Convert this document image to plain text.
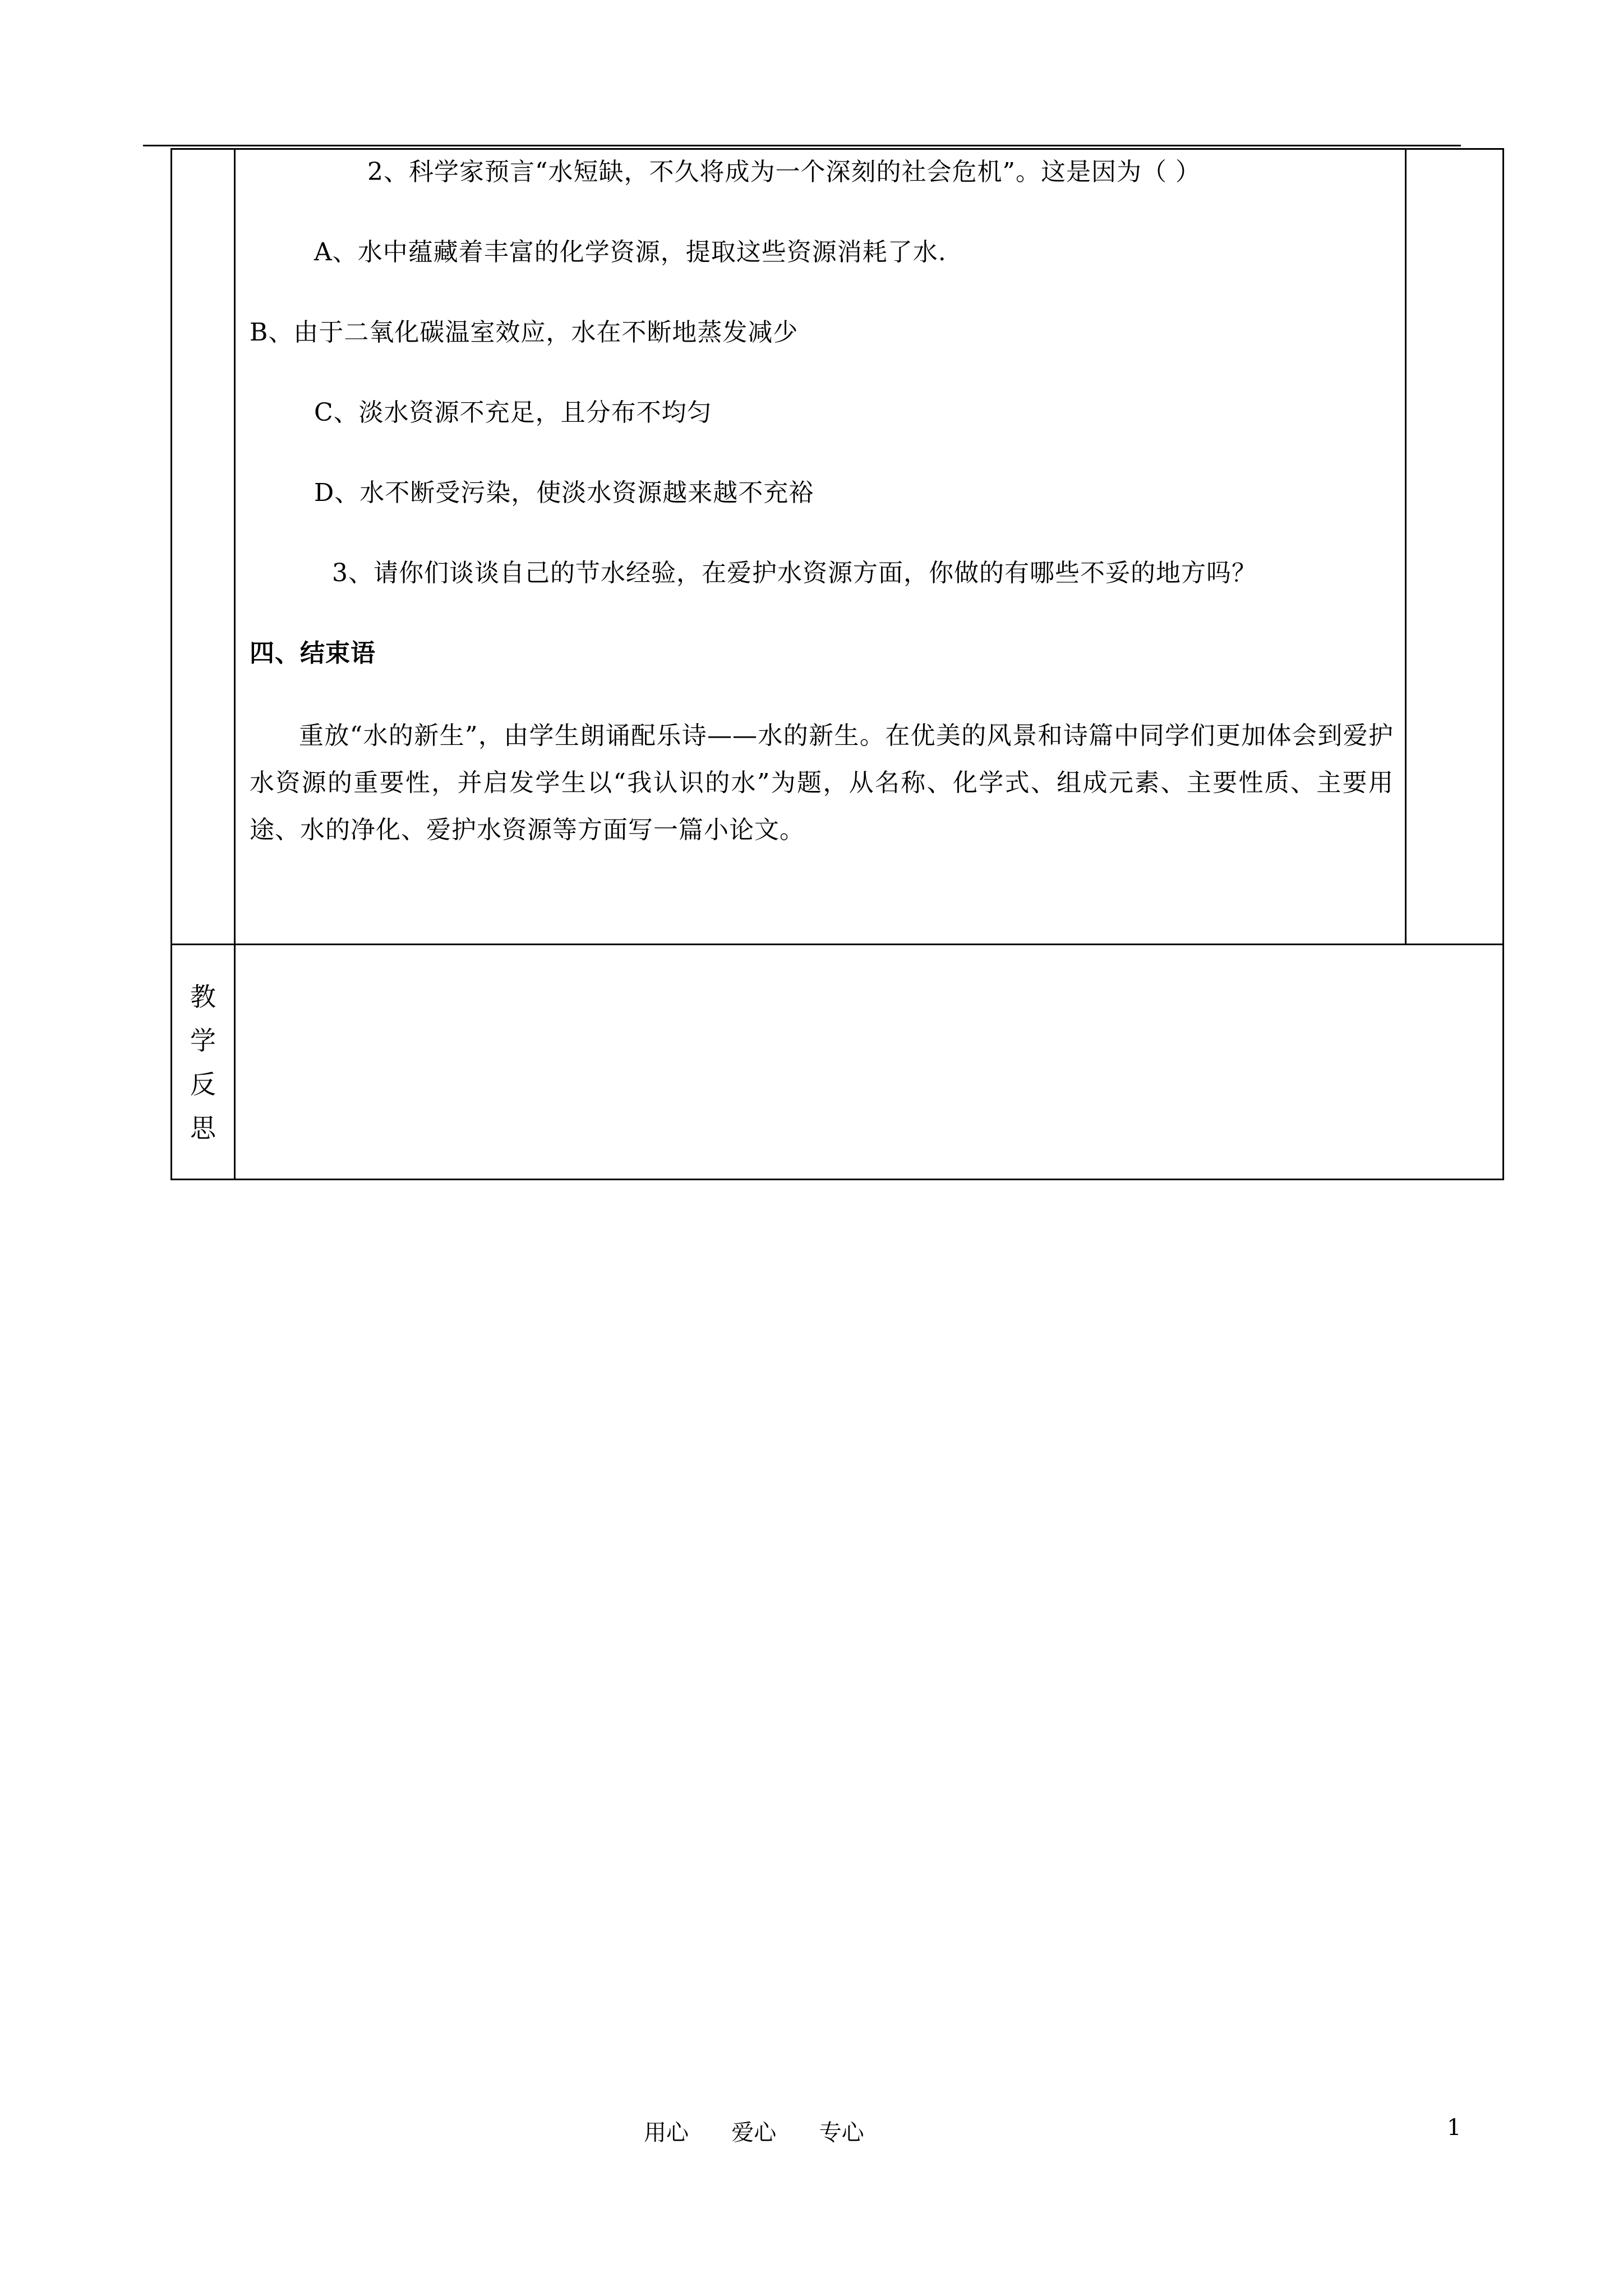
2、科学家预言“水短缺，不久将成为一个深刻的社会危机”。这是因为（ ）
A、水中蕴藏着丰富的化学资源，提取这些资源消耗了水.
B、由于二氧化碳温室效应，水在不断地蒸发减少
C、淡水资源不充足，且分布不均匀
D、水不断受污染，使淡水资源越来越不充裕
3、请你们谈谈自己的节水经验，在爱护水资源方面，你做的有哪些不妥的地方吗？
四、结束语

重放“水的新生”，由学生朗诵配乐诗——水的新生。在优美的风景和诗篇中同学们更加体会到爱护水资源的重要性，并启发学生以“我认识的水”为题，从名称、化学式、组成元素、主要性质、主要用途、水的净化、爱护水资源等方面写一篇小论文。

教
学
反
思
用心      爱心      专心	1
